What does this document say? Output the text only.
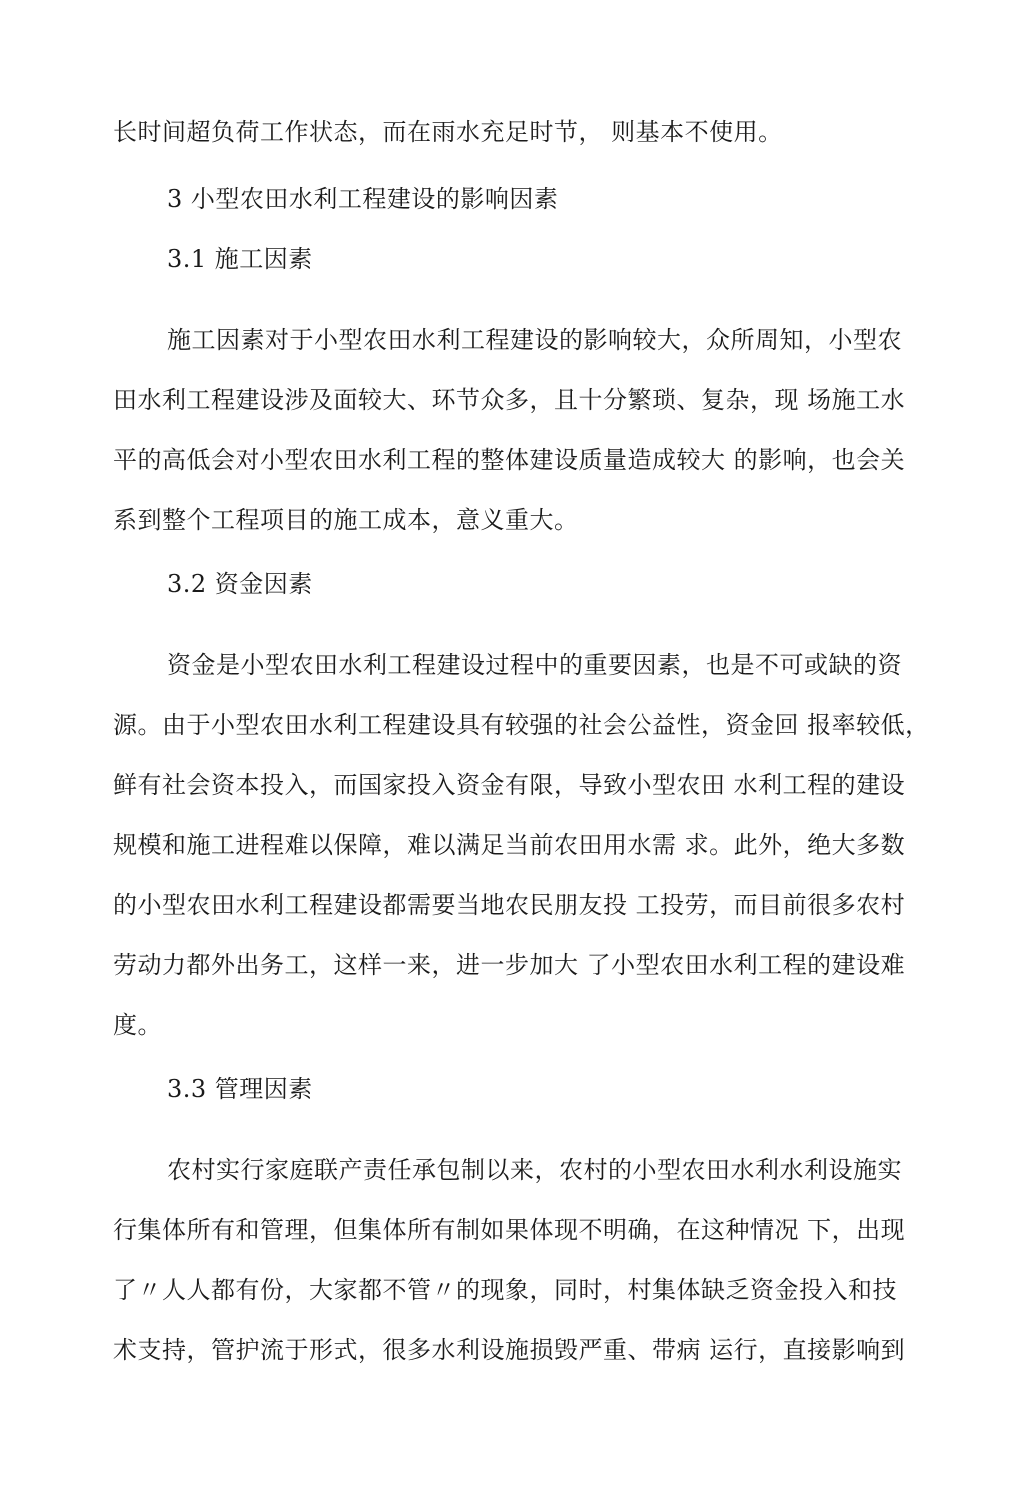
长时间超负荷工作状态，而在雨水充足时节， 则基本不使用。
3 小型农田水利工程建设的影响因素
3.1 施工因素
施工因素对于小型农田水利工程建设的影响较大，众所周知，小型农
田水利工程建设涉及面较大、环节众多，且十分繁琐、复杂，现 场施工水
平的高低会对小型农田水利工程的整体建设质量造成较大 的影响，也会关
系到整个工程项目的施工成本，意义重大。
3.2 资金因素
资金是小型农田水利工程建设过程中的重要因素，也是不可或缺的资
源。由于小型农田水利工程建设具有较强的社会公益性，资金回 报率较低，
鲜有社会资本投入，而国家投入资金有限，导致小型农田 水利工程的建设
规模和施工进程难以保障，难以满足当前农田用水需 求。此外，绝大多数
的小型农田水利工程建设都需要当地农民朋友投 工投劳，而目前很多农村
劳动力都外出务工，这样一来，进一步加大 了小型农田水利工程的建设难
度。
3.3 管理因素
农村实行家庭联产责任承包制以来，农村的小型农田水利水利设施实
行集体所有和管理，但集体所有制如果体现不明确，在这种情况 下，出现
了〃人人都有份，大家都不管〃的现象，同时，村集体缺乏资金投入和技
术支持，管护流于形式，很多水利设施损毁严重、带病 运行，直接影响到
